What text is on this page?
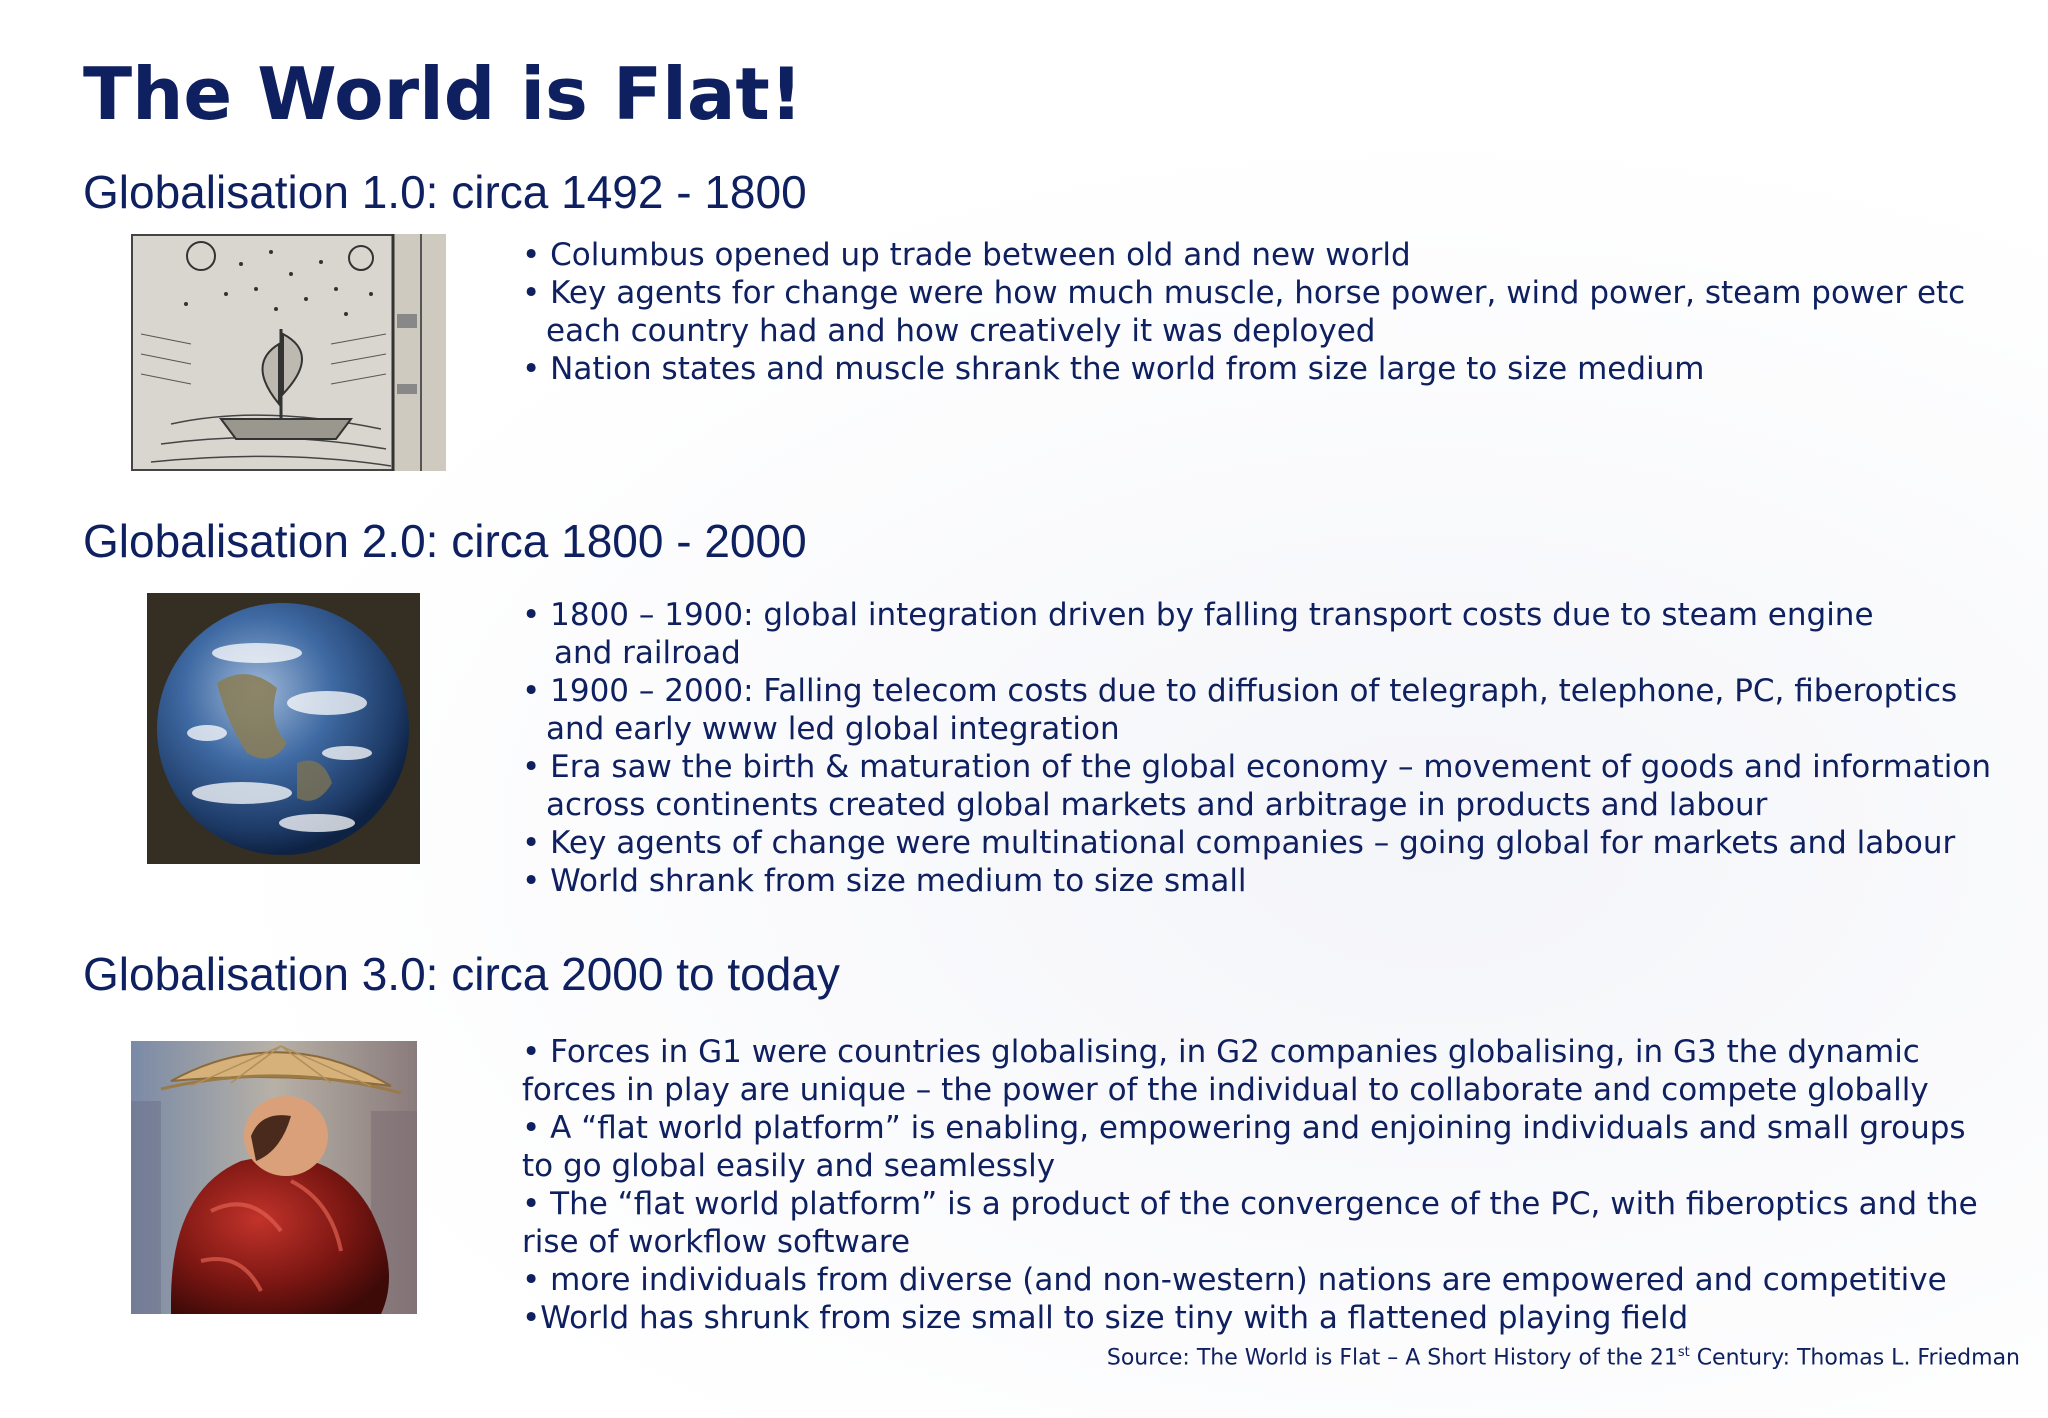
The World is Flat!
Globalisation 1.0: circa 1492 - 1800
• Columbus opened up trade between old and new world
• Key agents for change were how much muscle, horse power, wind power, steam power etc
each country had and how creatively it was deployed
• Nation states and muscle shrank the world from size large to size medium
Globalisation 2.0: circa 1800 - 2000
• 1800 – 1900: global integration driven by falling transport costs due to steam engine
and railroad
• 1900 – 2000: Falling telecom costs due to diffusion of telegraph, telephone, PC, fiberoptics
and early www led global integration
• Era saw the birth & maturation of the global economy – movement of goods and information
across continents created global markets and arbitrage in products and labour
• Key agents of change were multinational companies – going global for markets and labour
• World shrank from size medium to size small
Globalisation 3.0: circa 2000 to today
• Forces in G1 were countries globalising, in G2 companies globalising, in G3 the dynamic
forces in play are unique – the power of the individual to collaborate and compete globally
• A “flat world platform” is enabling, empowering and enjoining individuals and small groups
to go global easily and seamlessly
• The “flat world platform” is a product of the convergence of the PC, with fiberoptics and the
rise of workflow software
• more individuals from diverse (and non-western) nations are empowered and competitive
•World has shrunk from size small to size tiny with a flattened playing field
Source: The World is Flat – A Short History of the 21st Century: Thomas L. Friedman
